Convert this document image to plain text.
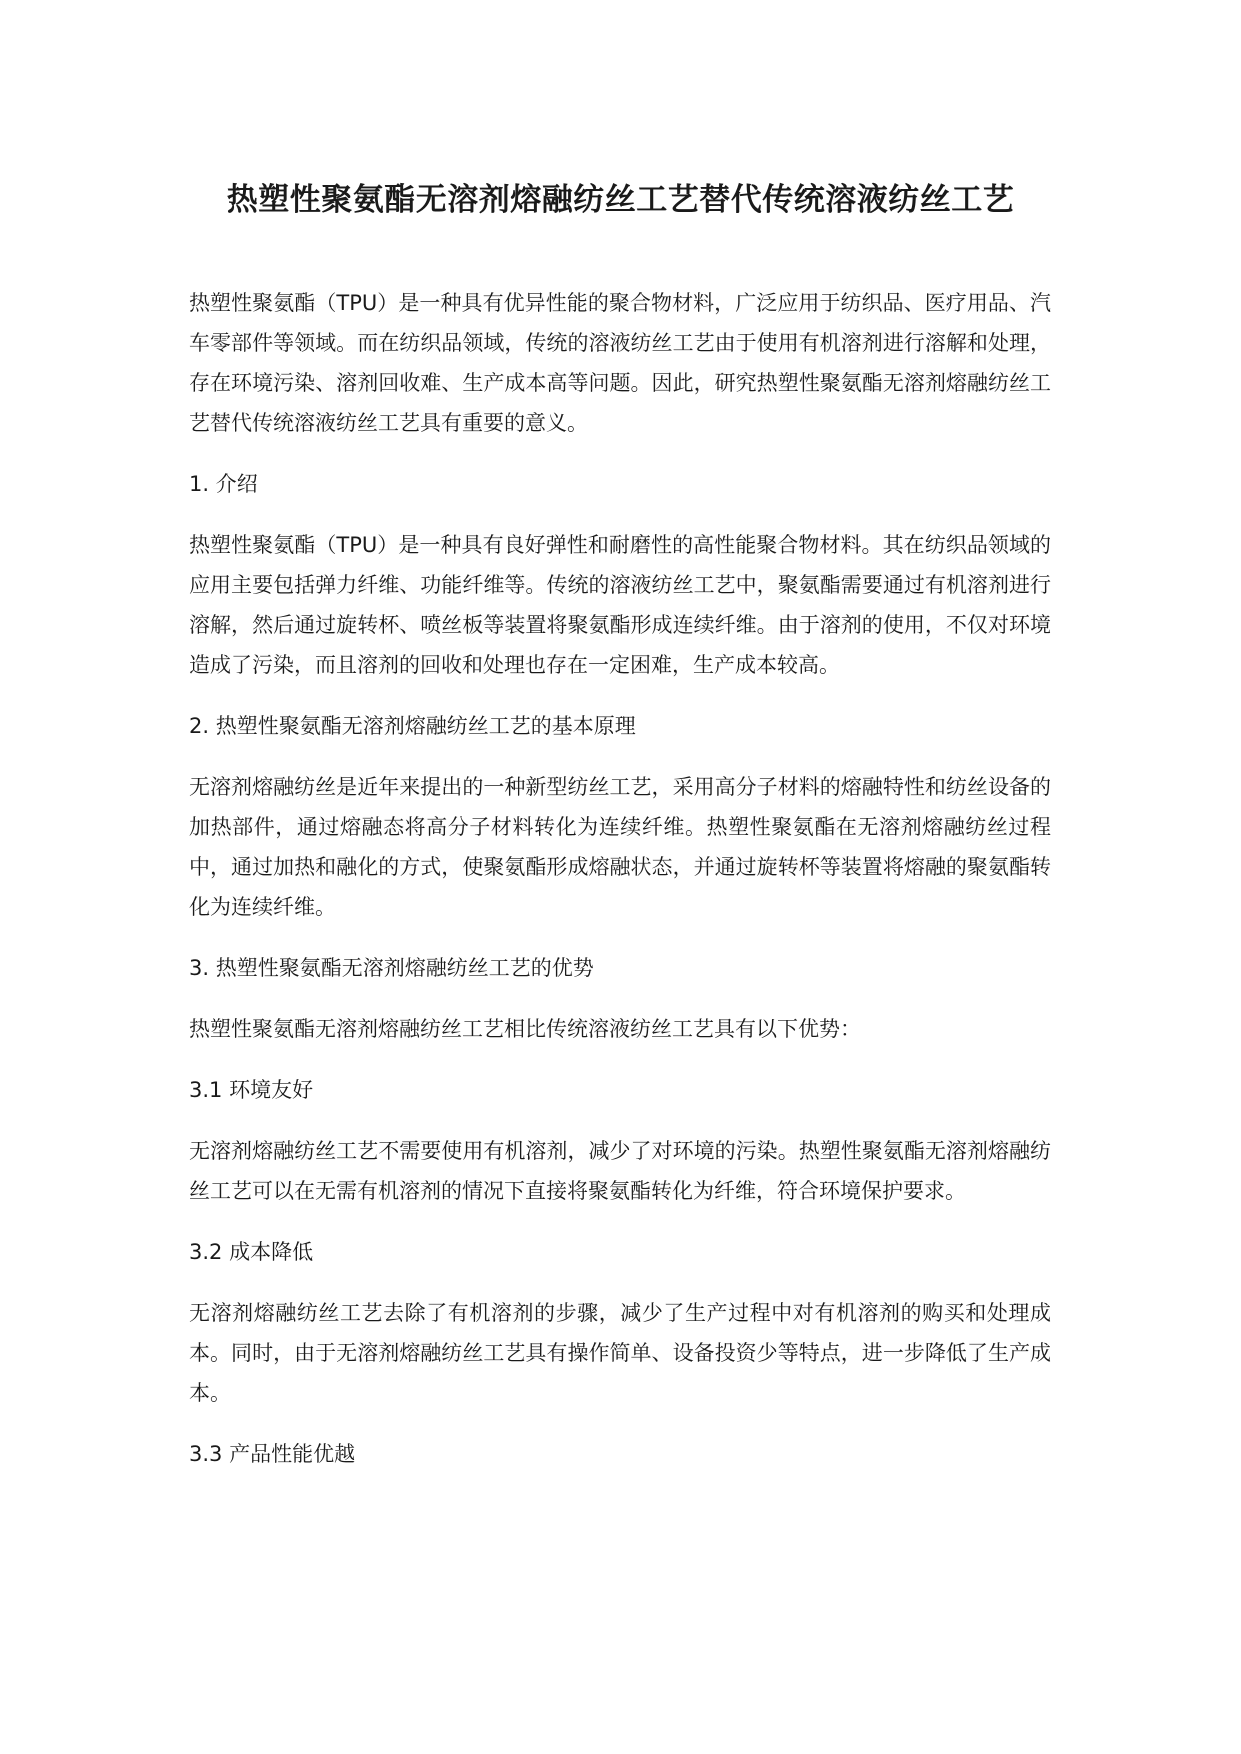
热塑性聚氨酯无溶剂熔融纺丝工艺替代传统溶液纺丝工艺

热塑性聚氨酯（TPU）是一种具有优异性能的聚合物材料，广泛应用于纺织品、医疗用品、汽车零部件等领域。而在纺织品领域，传统的溶液纺丝工艺由于使用有机溶剂进行溶解和处理，存在环境污染、溶剂回收难、生产成本高等问题。因此，研究热塑性聚氨酯无溶剂熔融纺丝工艺替代传统溶液纺丝工艺具有重要的意义。

1. 介绍

热塑性聚氨酯（TPU）是一种具有良好弹性和耐磨性的高性能聚合物材料。其在纺织品领域的应用主要包括弹力纤维、功能纤维等。传统的溶液纺丝工艺中，聚氨酯需要通过有机溶剂进行溶解，然后通过旋转杯、喷丝板等装置将聚氨酯形成连续纤维。由于溶剂的使用，不仅对环境造成了污染，而且溶剂的回收和处理也存在一定困难，生产成本较高。

2. 热塑性聚氨酯无溶剂熔融纺丝工艺的基本原理

无溶剂熔融纺丝是近年来提出的一种新型纺丝工艺，采用高分子材料的熔融特性和纺丝设备的加热部件，通过熔融态将高分子材料转化为连续纤维。热塑性聚氨酯在无溶剂熔融纺丝过程中，通过加热和融化的方式，使聚氨酯形成熔融状态，并通过旋转杯等装置将熔融的聚氨酯转化为连续纤维。

3. 热塑性聚氨酯无溶剂熔融纺丝工艺的优势

热塑性聚氨酯无溶剂熔融纺丝工艺相比传统溶液纺丝工艺具有以下优势：

3.1 环境友好

无溶剂熔融纺丝工艺不需要使用有机溶剂，减少了对环境的污染。热塑性聚氨酯无溶剂熔融纺丝工艺可以在无需有机溶剂的情况下直接将聚氨酯转化为纤维，符合环境保护要求。

3.2 成本降低

无溶剂熔融纺丝工艺去除了有机溶剂的步骤，减少了生产过程中对有机溶剂的购买和处理成本。同时，由于无溶剂熔融纺丝工艺具有操作简单、设备投资少等特点，进一步降低了生产成本。

3.3 产品性能优越
